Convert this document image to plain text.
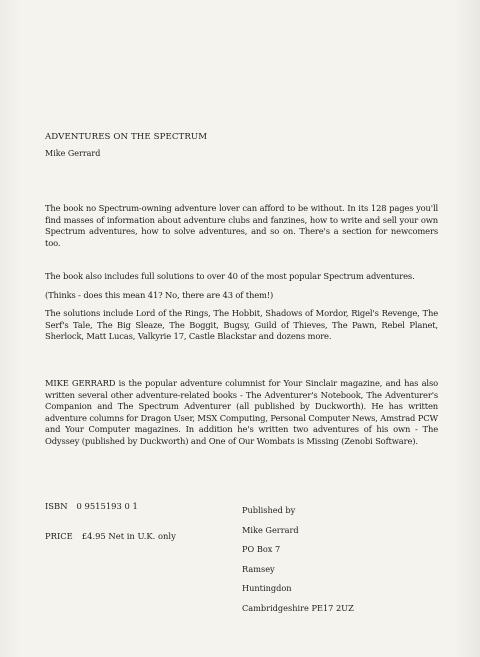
ADVENTURES ON THE SPECTRUM
Mike Gerrard
The book no Spectrum-owning adventure lover can afford to be without. In its 128 pages you'll find masses of information about adventure clubs and fanzines, how to write and sell your own Spectrum adventures, how to solve adventures, and so on. There's a section for newcomers too.
The book also includes full solutions to over 40 of the most popular Spectrum adventures.
(Thinks - does this mean 41? No, there are 43 of them!)
The solutions include Lord of the Rings, The Hobbit, Shadows of Mordor, Rigel's Revenge, The Serf's Tale, The Big Sleaze, The Boggit, Bugsy, Guild of Thieves, The Pawn, Rebel Planet, Sherlock, Matt Lucas, Valkyrie 17, Castle Blackstar and dozens more.
MIKE GERRARD is the popular adventure columnist for Your Sinclair magazine, and has also written several other adventure-related books - The Adventurer's Notebook, The Adventurer's Companion and The Spectrum Adventurer (all published by Duckworth). He has written adventure columns for Dragon User, MSX Computing, Personal Computer News, Amstrad PCW and Your Computer magazines. In addition he's written two adventures of his own - The Odyssey (published by Duckworth) and One of Our Wombats is Missing (Zenobi Software).
ISBN 0 9515193 0 1
PRICE £4.95 Net in U.K. only
Published by
Mike Gerrard
PO Box 7
Ramsey
Huntingdon
Cambridgeshire PE17 2UZ
